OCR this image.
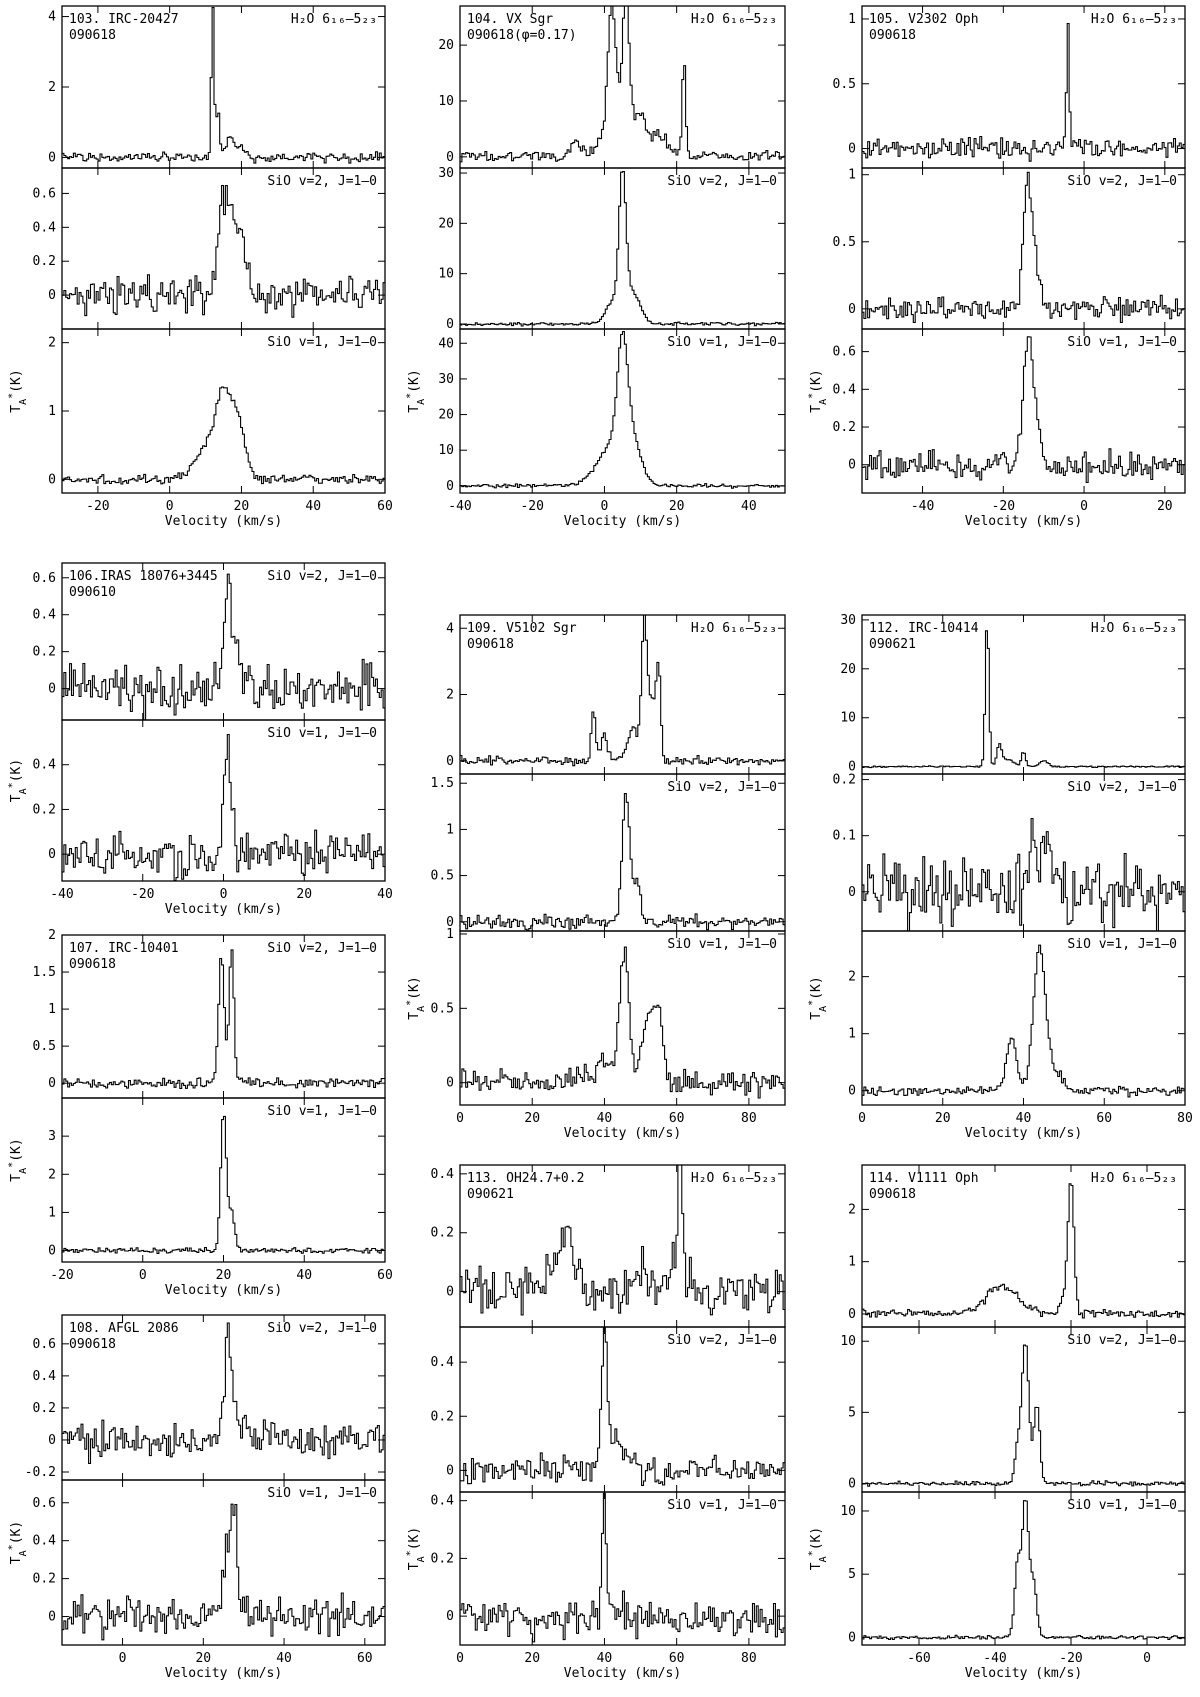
0
2
4	H₂O 6₁₆–5₂₃
103. IRC-20427
090618
0
0.2
0.4
0.6
SiO v=2, J=1–0
0
1
2	SiO v=1, J=1–0
-20	0	20	40	60
Velocity (km/s)
$T_A^*(K)$
0
10
20
H₂O 6₁₆–5₂₃
104. VX Sgr
090618(φ=0.17)
0
10
20
30
SiO v=2, J=1–0
0
10
20
30
40	SiO v=1, J=1–0
-40	-20	0	20	40
Velocity (km/s)
$T_A^*(K)$
0
0.5
1	H₂O 6₁₆–5₂₃
105. V2302 Oph
090618
0
0.5
1	SiO v=2, J=1–0
0
0.2
0.4
0.6
SiO v=1, J=1–0
-40	-20	0	20
Velocity (km/s)
$T_A^*(K)$
0
0.2
0.4
0.6	SiO v=2, J=1–0
106.IRAS 18076+3445
090610
0
0.2
0.4
SiO v=1, J=1–0
-40	-20	0	20	40
Velocity (km/s)
$T_A^*(K)$
0
0.5
1
1.5
2
SiO v=2, J=1–0
107. IRC-10401
090618
0
1
2
3
SiO v=1, J=1–0
-20	0	20	40	60
Velocity (km/s)
$T_A^*(K)$
-0.2
0
0.2
0.4
0.6
SiO v=2, J=1–0
108. AFGL 2086
090618
0
0.2
0.4
0.6
SiO v=1, J=1–0
0	20	40	60
Velocity (km/s)
$T_A^*(K)$
0
2
4	H₂O 6₁₆–5₂₃
109. V5102 Sgr
090618
0
0.5
1
1.5	SiO v=2, J=1–0
0
0.5
1
SiO v=1, J=1–0
0	20	40	60	80
Velocity (km/s)
$T_A^*(K)$
0
10
20
30
H₂O 6₁₆–5₂₃
112. IRC-10414
090621
0
0.1
0.2	SiO v=2, J=1–0
0
1
2
SiO v=1, J=1–0
0	20	40	60	80
Velocity (km/s)
$T_A^*(K)$
0
0.2
0.4	H₂O 6₁₆–5₂₃
113. OH24.7+0.2
090621
0
0.2
0.4
SiO v=2, J=1–0
0
0.2
0.4	SiO v=1, J=1–0
0	20	40	60	80
Velocity (km/s)
$T_A^*(K)$
0
1
2
H₂O 6₁₆–5₂₃
114. V1111 Oph
090618
0
5
10	SiO v=2, J=1–0
0
5
10	SiO v=1, J=1–0
-60	-40	-20	0
Velocity (km/s)
$T_A^*(K)$
